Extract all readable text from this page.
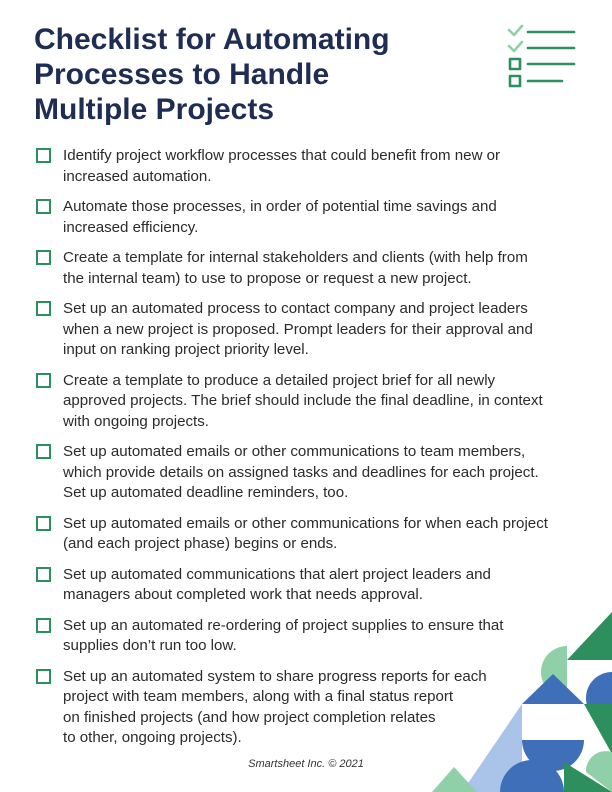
Checklist for Automating
Processes to Handle
Multiple Projects
Identify project workflow processes that could benefit from new or
increased automation.
Automate those processes, in order of potential time savings and
increased efficiency.
Create a template for internal stakeholders and clients (with help from
the internal team) to use to propose or request a new project.
Set up an automated process to contact company and project leaders
when a new project is proposed. Prompt leaders for their approval and
input on ranking project priority level.
Create a template to produce a detailed project brief for all newly
approved projects. The brief should include the final deadline, in context
with ongoing projects.
Set up automated emails or other communications to team members,
which provide details on assigned tasks and deadlines for each project.
Set up automated deadline reminders, too.
Set up automated emails or other communications for when each project
(and each project phase) begins or ends.
Set up automated communications that alert project leaders and
managers about completed work that needs approval.
Set up an automated re-ordering of project supplies to ensure that
supplies don’t run too low.
Set up an automated system to share progress reports for each
project with team members, along with a final status report
on finished projects (and how project completion relates
to other, ongoing projects).
Smartsheet Inc. © 2021
